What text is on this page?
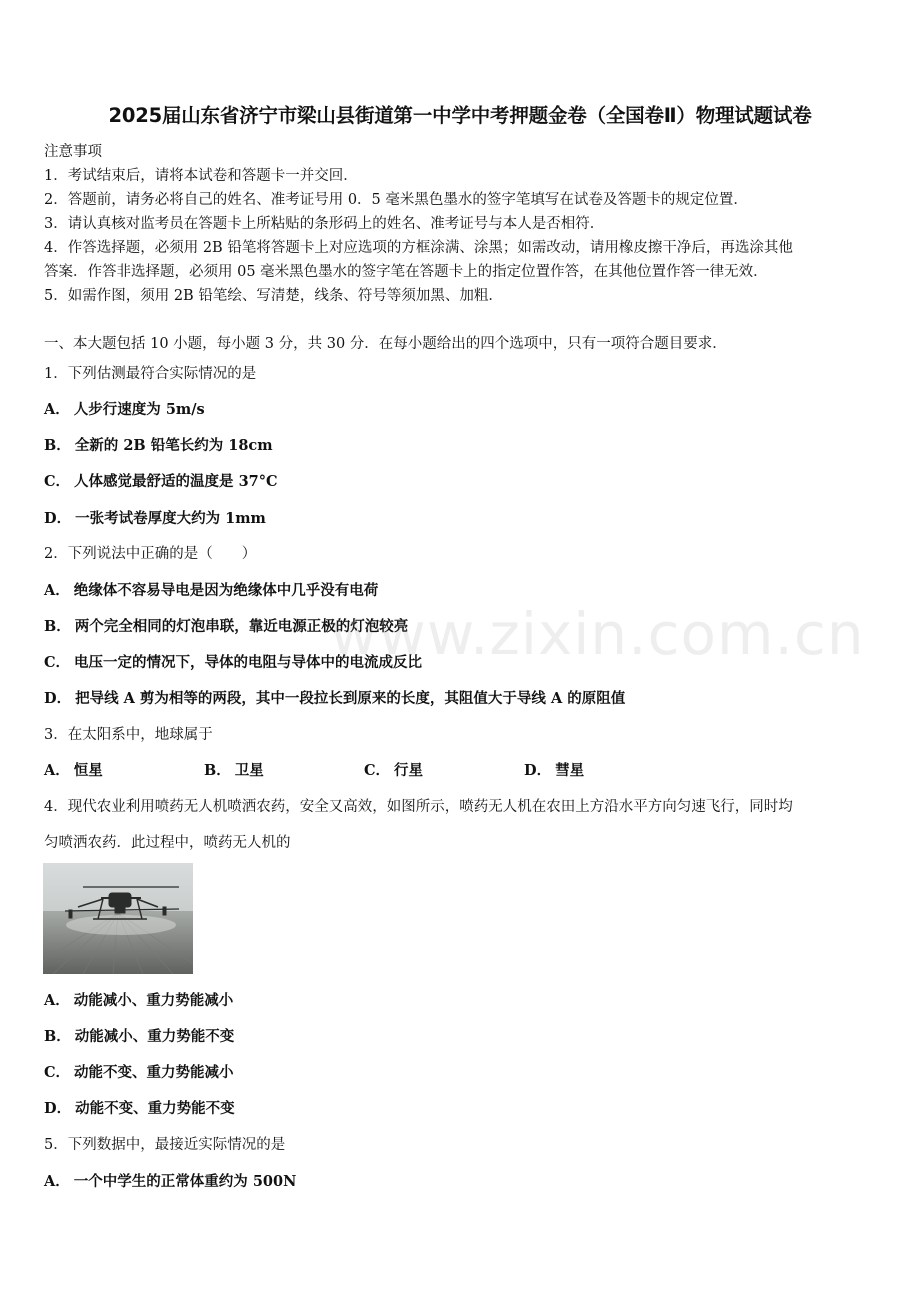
2025届山东省济宁市梁山县街道第一中学中考押题金卷（全国卷Ⅱ）物理试题试卷
注意事项
1．考试结束后，请将本试卷和答题卡一并交回．
2．答题前，请务必将自己的姓名、准考证号用 0．5 毫米黑色墨水的签字笔填写在试卷及答题卡的规定位置．
3．请认真核对监考员在答题卡上所粘贴的条形码上的姓名、准考证号与本人是否相符．
4．作答选择题，必须用 2B 铅笔将答题卡上对应选项的方框涂满、涂黑；如需改动，请用橡皮擦干净后，再选涂其他
答案．作答非选择题，必须用 05 毫米黑色墨水的签字笔在答题卡上的指定位置作答，在其他位置作答一律无效．
5．如需作图，须用 2B 铅笔绘、写清楚，线条、符号等须加黑、加粗．
一、本大题包括 10 小题，每小题 3 分，共 30 分．在每小题给出的四个选项中，只有一项符合题目要求．
1．下列估测最符合实际情况的是
A． 人步行速度为 5m/s
B． 全新的 2B 铅笔长约为 18cm
C． 人体感觉最舒适的温度是 37°C
D． 一张考试卷厚度大约为 1mm
2．下列说法中正确的是（　　）
A． 绝缘体不容易导电是因为绝缘体中几乎没有电荷
B． 两个完全相同的灯泡串联，靠近电源正极的灯泡较亮
C． 电压一定的情况下，导体的电阻与导体中的电流成反比
D． 把导线 A 剪为相等的两段，其中一段拉长到原来的长度，其阻值大于导线 A 的原阻值
3．在太阳系中，地球属于
A． 恒星	B． 卫星	C． 行星	D． 彗星
4．现代农业利用喷药无人机喷洒农药，安全又高效，如图所示，喷药无人机在农田上方沿水平方向匀速飞行，同时均
匀喷洒农药．此过程中，喷药无人机的
A． 动能减小、重力势能减小
B． 动能减小、重力势能不变
C． 动能不变、重力势能减小
D． 动能不变、重力势能不变
5．下列数据中，最接近实际情况的是
A． 一个中学生的正常体重约为 500N
www.zixin.com.cn
